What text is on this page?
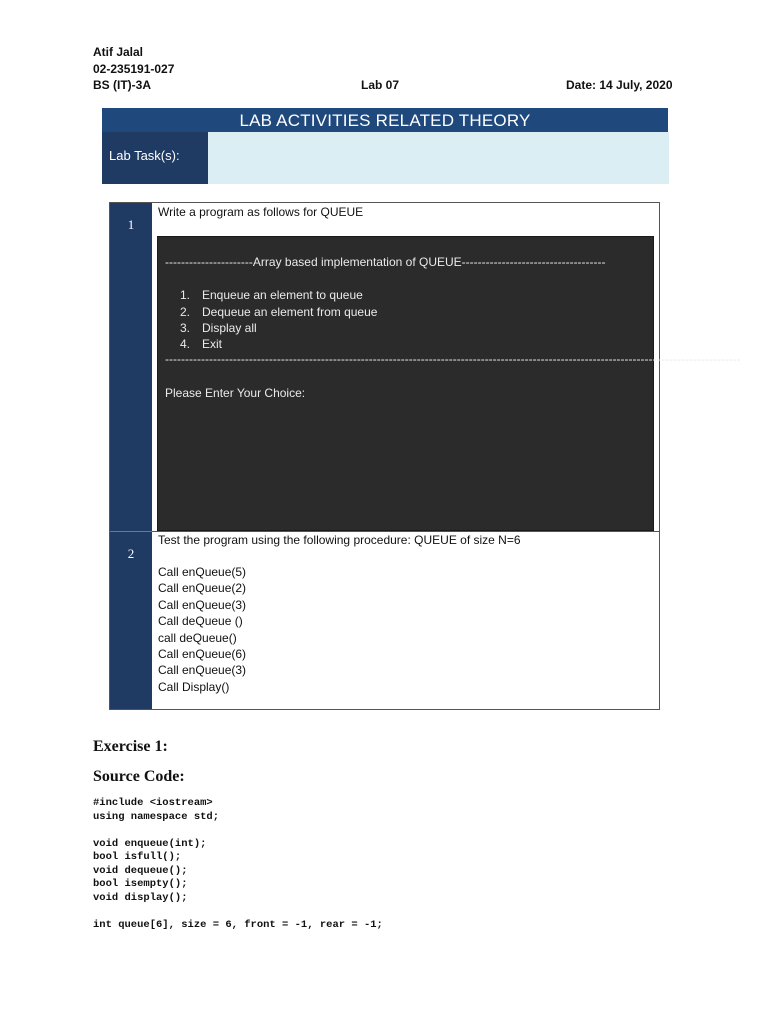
Atif Jalal
02-235191-027
BS (IT)-3A	Lab 07	Date: 14 July, 2020
LAB ACTIVITIES RELATED THEORY
Lab Task(s):
1
2
Write a program as follows for QUEUE
----------------------Array based implementation of QUEUE------------------------------------
1. Enqueue an element to queue
2. Dequeue an element from queue
3. Display all
4. Exit
------------------------------------------------------------------------------------------------------------------------------------------------
Please Enter Your Choice:
Test the program using the following procedure: QUEUE of size N=6
Call enQueue(5)
Call enQueue(2)
Call enQueue(3)
Call deQueue ()
call deQueue()
Call enQueue(6)
Call enQueue(3)
Call Display()
Exercise 1:
Source Code:
#include <iostream>
using namespace std;

void enqueue(int);
bool isfull();
void dequeue();
bool isempty();
void display();

int queue[6], size = 6, front = -1, rear = -1;
